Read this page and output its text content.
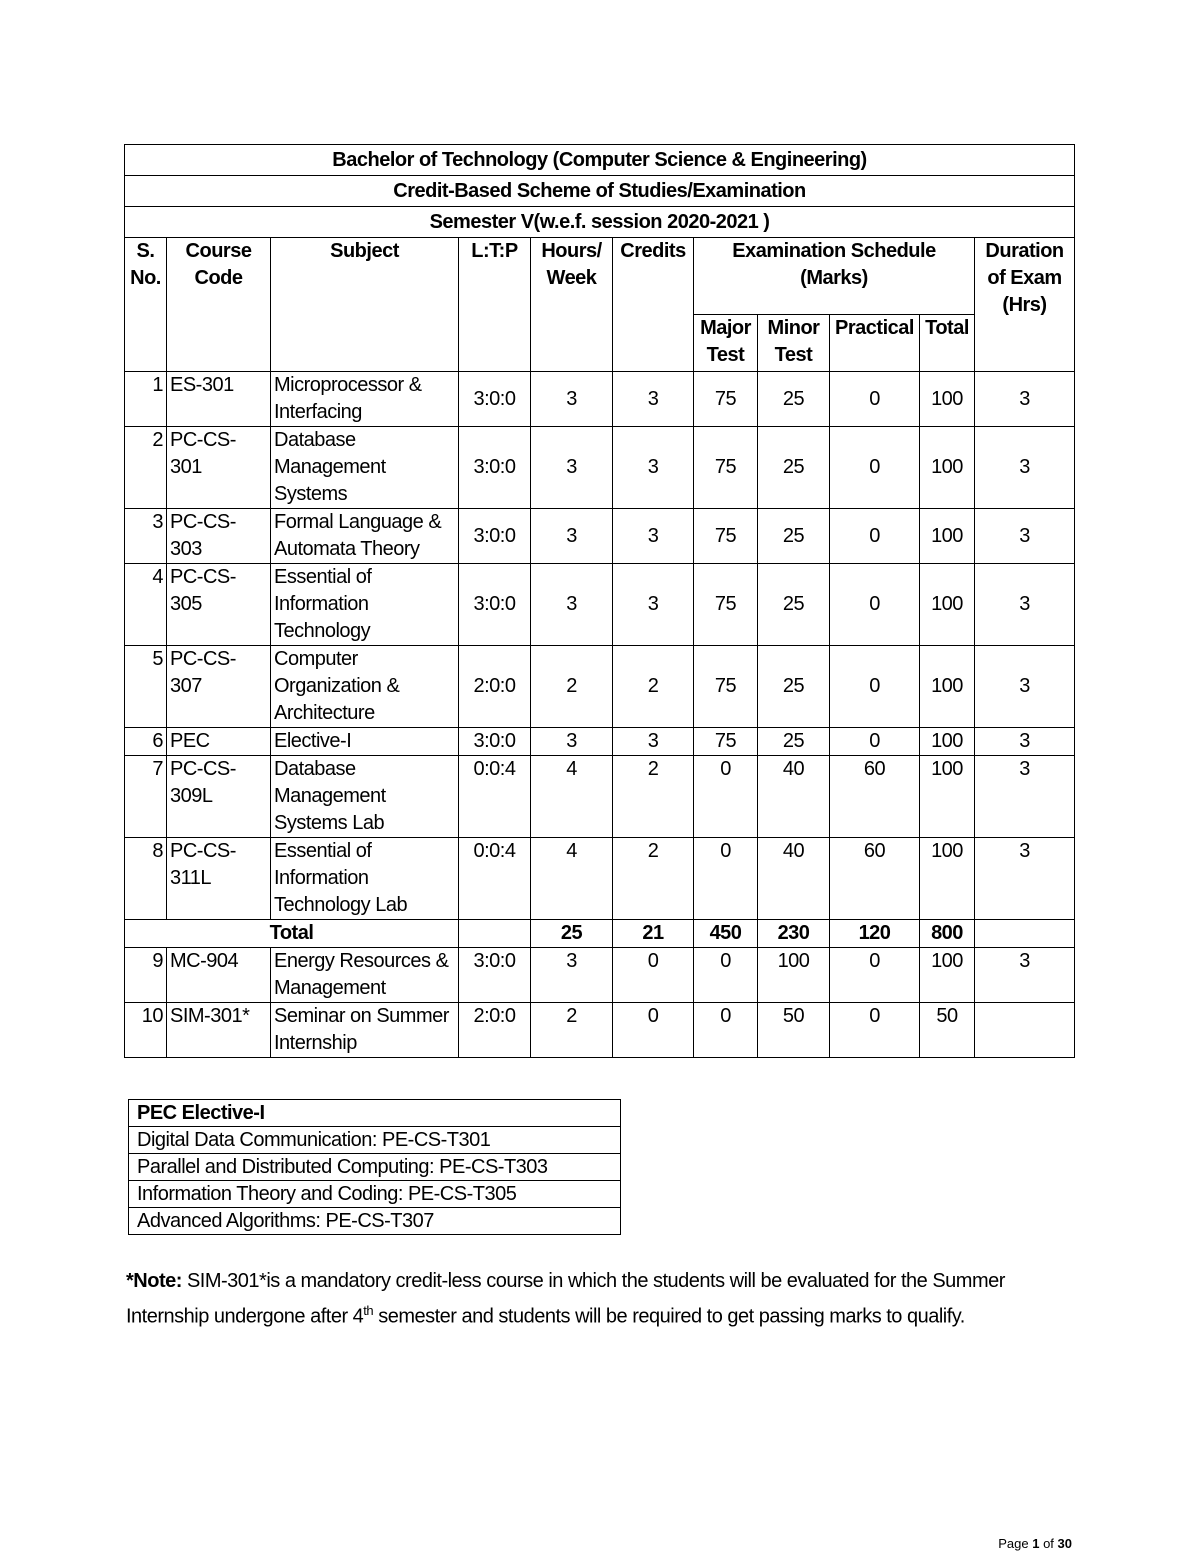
Bachelor of Technology (Computer Science & Engineering)										
Credit-Based Scheme of Studies/Examination										
Semester V(w.e.f. session 2020-2021 )										
S. No.	Course Code	Subject	L:T:P	Hours/ Week	Credits	Examination Schedule (Marks)				Duration of Exam (Hrs)
						Major Test	Minor Test	Practical	Total	
1	ES-301	Microprocessor & Interfacing	3:0:0	3	3	75	25	0	100	3
2	PC-CS-301	Database Management Systems	3:0:0	3	3	75	25	0	100	3
3	PC-CS-303	Formal Language & Automata Theory	3:0:0	3	3	75	25	0	100	3
4	PC-CS-305	Essential of Information Technology	3:0:0	3	3	75	25	0	100	3
5	PC-CS-307	Computer Organization & Architecture	2:0:0	2	2	75	25	0	100	3
6	PEC	Elective-I	3:0:0	3	3	75	25	0	100	3
7	PC-CS-309L	Database Management Systems Lab	0:0:4	4	2	0	40	60	100	3
8	PC-CS-311L	Essential of Information Technology Lab	0:0:4	4	2	0	40	60	100	3
Total				25	21	450	230	120	800	
9	MC-904	Energy Resources & Management	3:0:0	3	0	0	100	0	100	3
10	SIM-301*	Seminar on Summer Internship	2:0:0	2	0	0	50	0	50	
PEC Elective-I
Digital Data Communication: PE-CS-T301
Parallel and Distributed Computing: PE-CS-T303
Information Theory and Coding: PE-CS-T305
Advanced Algorithms: PE-CS-T307
*Note: SIM-301*is a mandatory credit-less course in which the students will be evaluated for the Summer Internship undergone after 4th semester and students will be required to get passing marks to qualify.
Page 1 of 30
